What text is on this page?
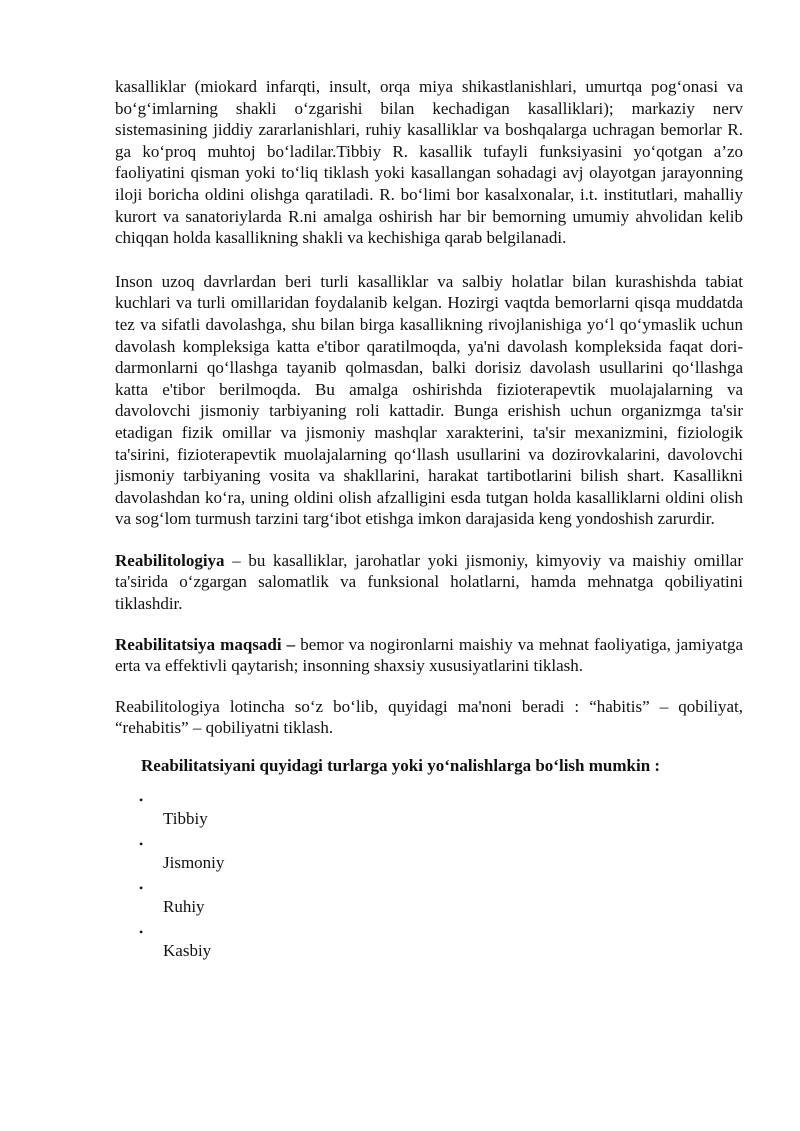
kasalliklar (miokard infarqti, insult, orqa miya shikastlanishlari, umurtqa pog‘onasi va bo‘g‘imlarning shakli o‘zgarishi bilan kechadigan kasalliklari); markaziy nerv sistemasining jiddiy zararlanishlari, ruhiy kasalliklar va boshqalarga uchragan bemorlar R. ga ko‘proq muhtoj bo‘ladilar.Tibbiy R. kasallik tufayli funksiyasini yo‘qotgan a’zo faoliyatini qisman yoki to‘liq tiklash yoki kasallangan sohadagi avj olayotgan jarayonning iloji boricha oldini olishga qaratiladi. R. bo‘limi bor kasalxonalar, i.t. institutlari, mahalliy kurort va sanatoriylarda R.ni amalga oshirish har bir bemorning umumiy ahvolidan kelib chiqqan holda kasallikning shakli va kechishiga qarab belgilanadi.

Inson uzoq davrlardan beri turli kasalliklar va salbiy holatlar bilan kurashishda tabiat kuchlari va turli omillaridan foydalanib kelgan. Hozirgi vaqtda bemorlarni qisqa muddatda tez va sifatli davolashga, shu bilan birga kasallikning rivojlanishiga yo‘l qo‘ymaslik uchun davolash kompleksiga katta e'tibor qaratilmoqda, ya'ni davolash kompleksida faqat dori-darmonlarni qo‘llashga tayanib qolmasdan, balki dorisiz davolash usullarini qo‘llashga katta e'tibor berilmoqda. Bu amalga oshirishda fizioterapevtik muolajalarning va davolovchi jismoniy tarbiyaning roli kattadir. Bunga erishish uchun organizmga ta'sir etadigan fizik omillar va jismoniy mashqlar xarakterini, ta'sir mexanizmini, fiziologik ta'sirini, fizioterapevtik muolajalarning qo‘llash usullarini va dozirovkalarini, davolovchi jismoniy tarbiyaning vosita va shakllarini, harakat tartibotlarini bilish shart. Kasallikni davolashdan ko‘ra, uning oldini olish afzalligini esda tutgan holda kasalliklarni oldini olish va sog‘lom turmush tarzini targ‘ibot etishga imkon darajasida keng yondoshish zarurdir.

Reabilitologiya – bu kasalliklar, jarohatlar yoki jismoniy, kimyoviy va maishiy omillar ta'sirida o‘zgargan salomatlik va funksional holatlarni, hamda mehnatga qobiliyatini tiklashdir.

Reabilitatsiya maqsadi – bemor va nogironlarni maishiy va mehnat faoliyatiga, jamiyatga erta va effektivli qaytarish; insonning shaxsiy xususiyatlarini tiklash.

Reabilitologiya lotincha so‘z bo‘lib, quyidagi ma'noni beradi : “habitis” – qobiliyat, “rehabitis” – qobiliyatni tiklash.

Reabilitatsiyani quyidagi turlarga yoki yo‘nalishlarga bo‘lish mumkin :
•
Tibbiy
•
Jismoniy
•
Ruhiy
•
Kasbiy
